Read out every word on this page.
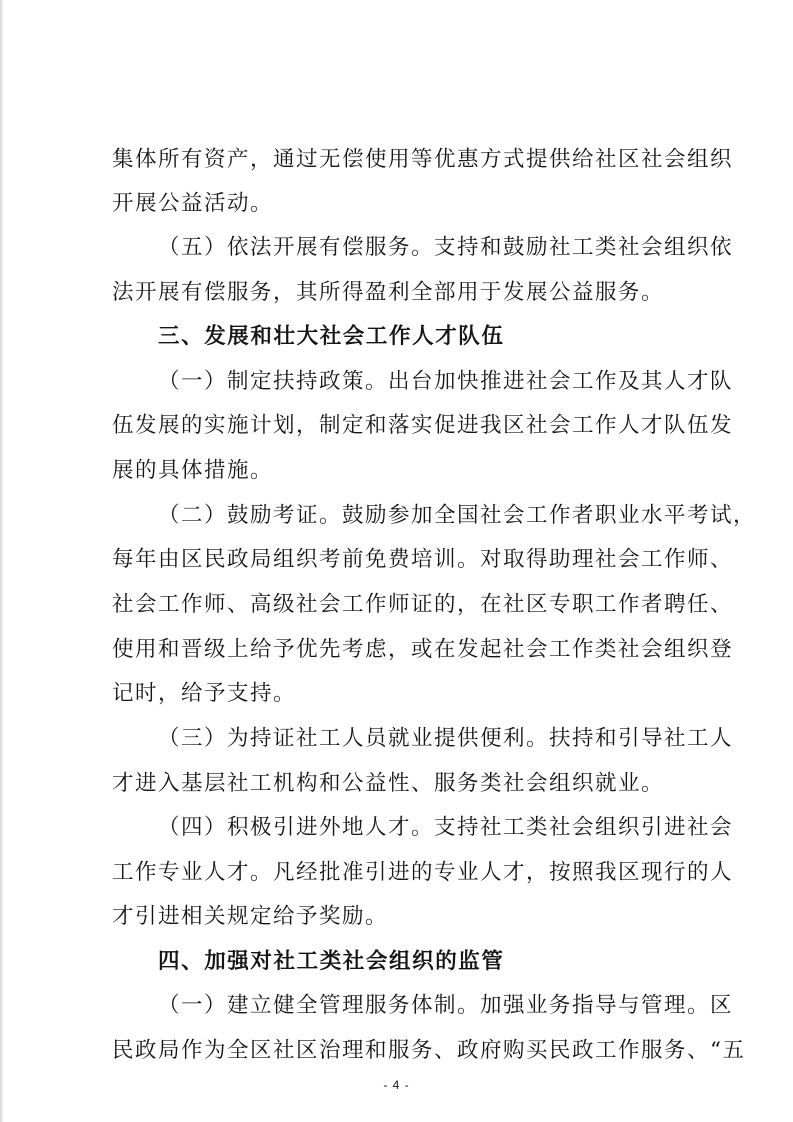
集体所有资产，通过无偿使用等优惠方式提供给社区社会组织
开展公益活动。
（五）依法开展有偿服务。支持和鼓励社工类社会组织依
法开展有偿服务，其所得盈利全部用于发展公益服务。
三、发展和壮大社会工作人才队伍
（一）制定扶持政策。出台加快推进社会工作及其人才队
伍发展的实施计划，制定和落实促进我区社会工作人才队伍发
展的具体措施。
（二）鼓励考证。鼓励参加全国社会工作者职业水平考试，
每年由区民政局组织考前免费培训。对取得助理社会工作师、
社会工作师、高级社会工作师证的，在社区专职工作者聘任、
使用和晋级上给予优先考虑，或在发起社会工作类社会组织登
记时，给予支持。
（三）为持证社工人员就业提供便利。扶持和引导社工人
才进入基层社工机构和公益性、服务类社会组织就业。
（四）积极引进外地人才。支持社工类社会组织引进社会
工作专业人才。凡经批准引进的专业人才，按照我区现行的人
才引进相关规定给予奖励。
四、加强对社工类社会组织的监管
（一）建立健全管理服务体制。加强业务指导与管理。区
民政局作为全区社区治理和服务、政府购买民政工作服务、“五
- 4 -
